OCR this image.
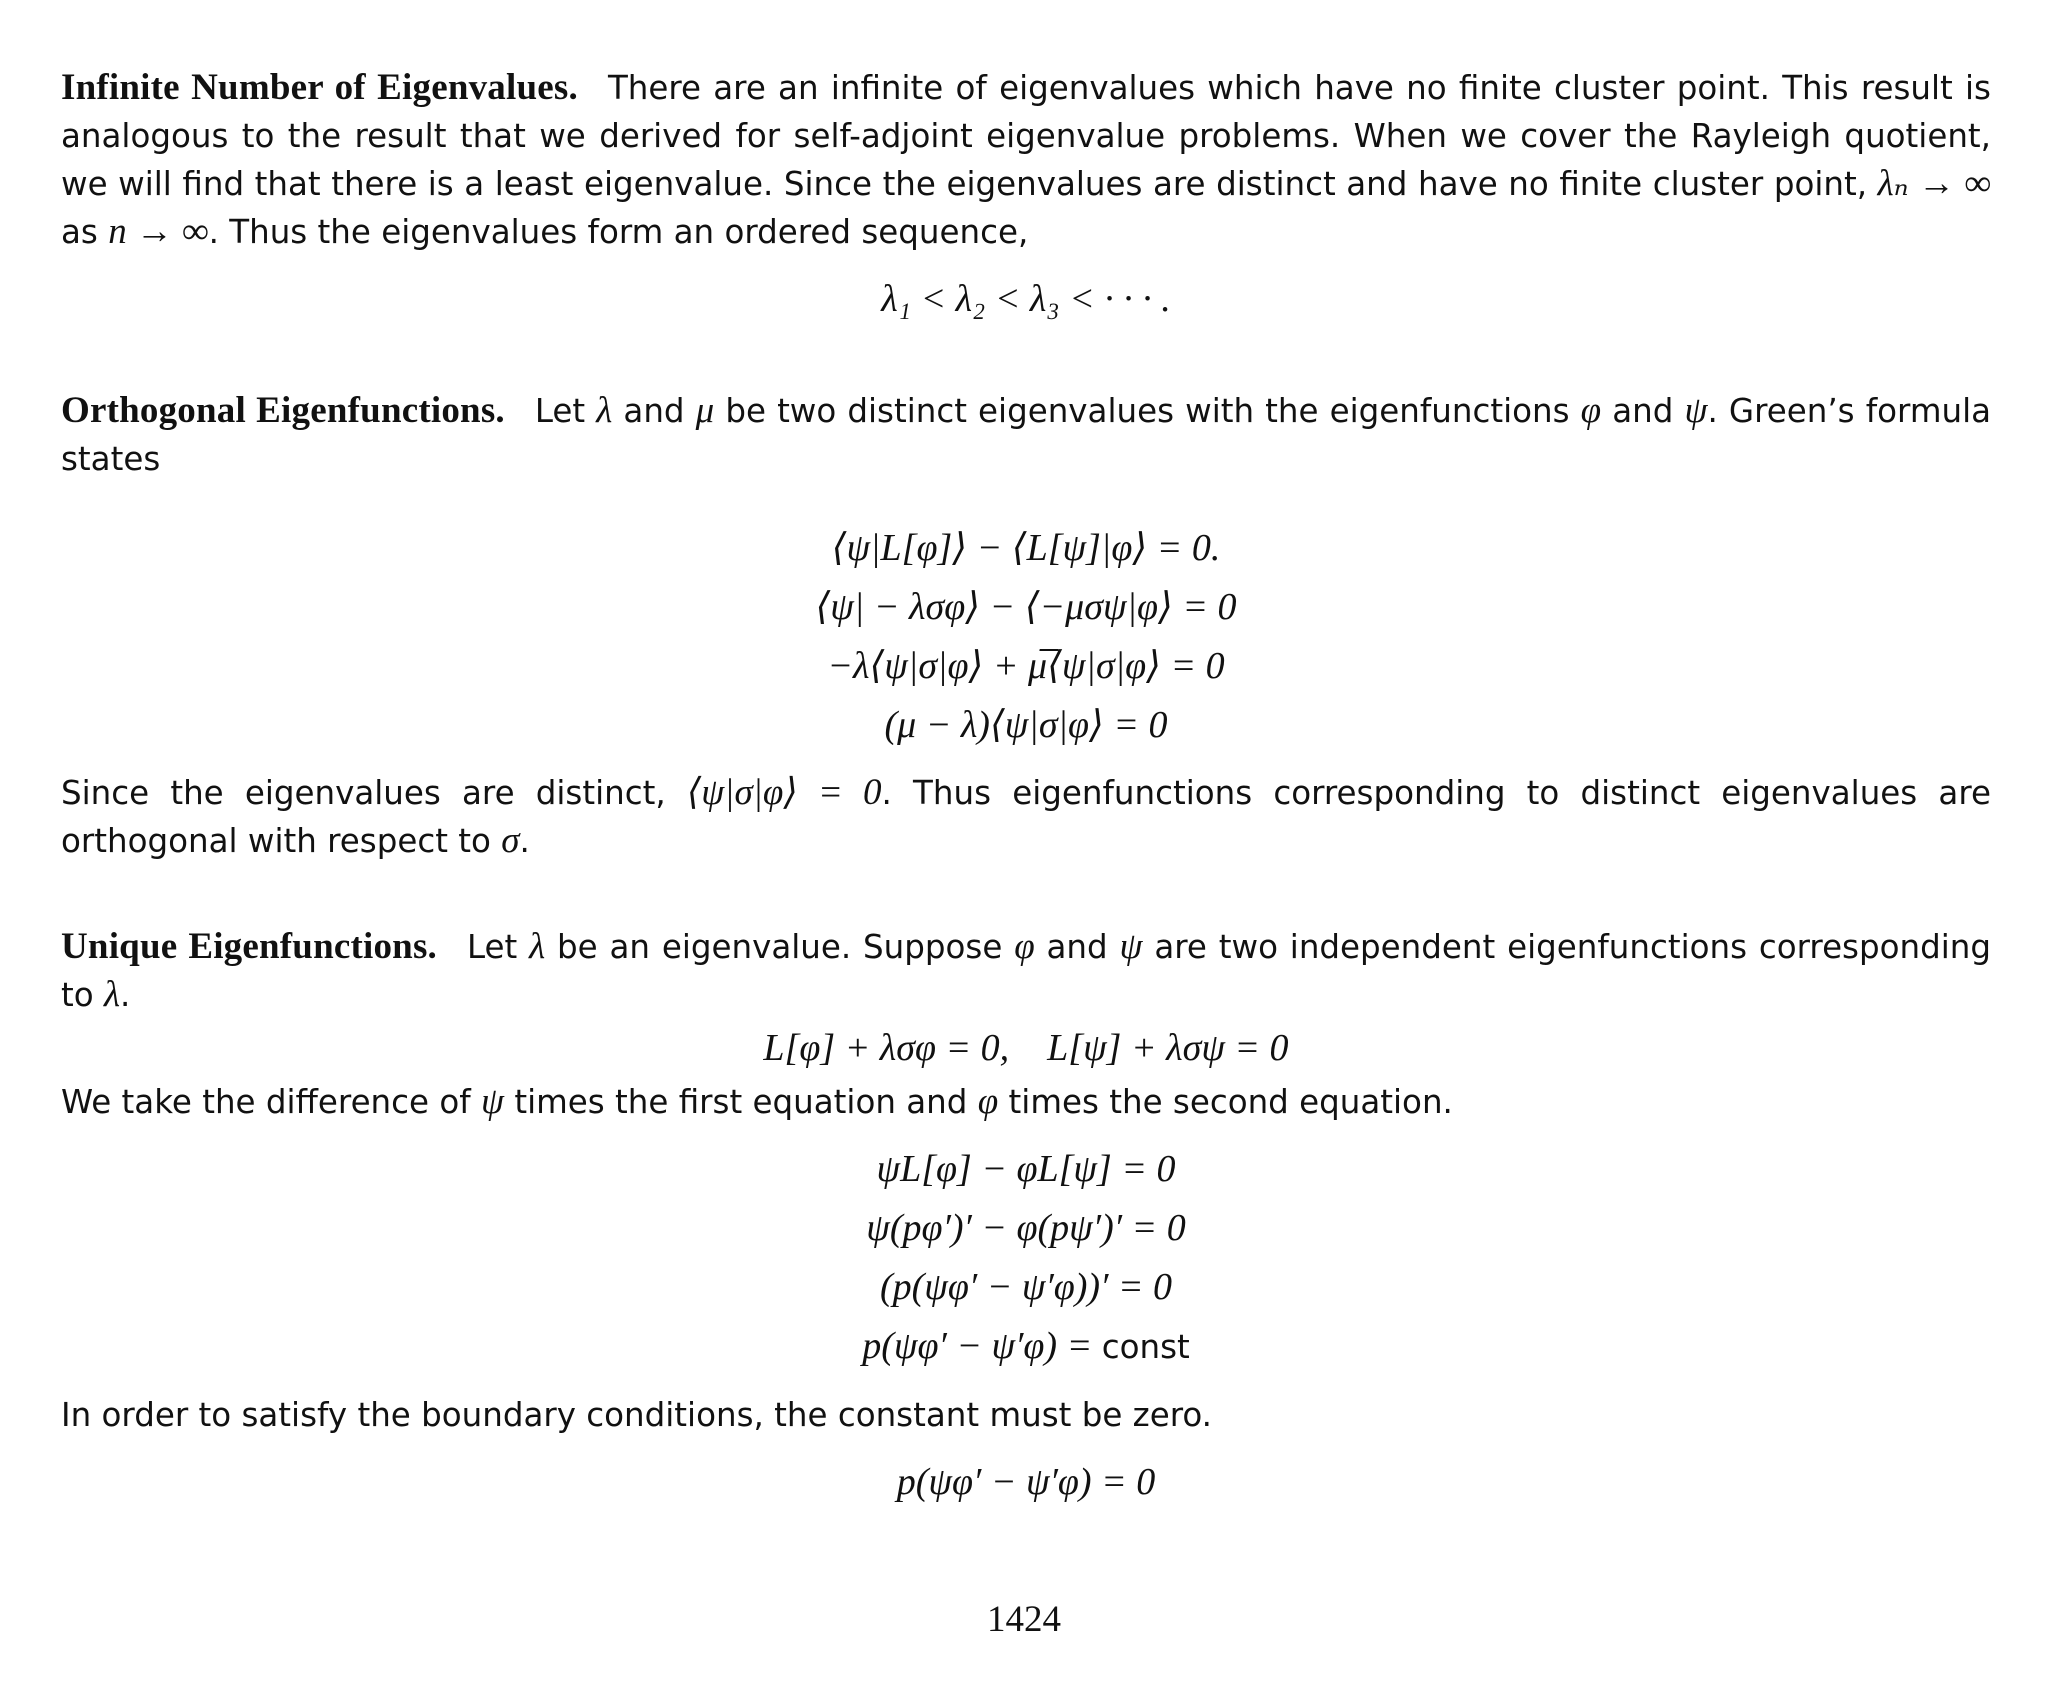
Infinite Number of Eigenvalues. There are an infinite of eigenvalues which have no finite cluster point. This result is analogous to the result that we derived for self-adjoint eigenvalue problems. When we cover the Rayleigh quotient, we will find that there is a least eigenvalue. Since the eigenvalues are distinct and have no finite cluster point, λₙ → ∞ as n → ∞. Thus the eigenvalues form an ordered sequence,

λ₁ < λ₂ < λ₃ < · · · .

Orthogonal Eigenfunctions. Let λ and μ be two distinct eigenvalues with the eigenfunctions φ and ψ. Green’s formula states

⟨ψ|L[φ]⟩ − ⟨L[ψ]|φ⟩ = 0.

⟨ψ| − λσφ⟩ − ⟨−μσψ|φ⟩ = 0

−λ⟨ψ|σ|φ⟩ + μ̅⟨ψ|σ|φ⟩ = 0

(μ − λ)⟨ψ|σ|φ⟩ = 0

Since the eigenvalues are distinct, ⟨ψ|σ|φ⟩ = 0. Thus eigenfunctions corresponding to distinct eigenvalues are orthogonal with respect to σ.

Unique Eigenfunctions. Let λ be an eigenvalue. Suppose φ and ψ are two independent eigenfunctions corresponding to λ.

L[φ] + λσφ = 0,    L[ψ] + λσψ = 0

We take the difference of ψ times the first equation and φ times the second equation.

ψL[φ] − φL[ψ] = 0

ψ(pφ′)′ − φ(pψ′)′ = 0

(p(ψφ′ − ψ′φ))′ = 0

p(ψφ′ − ψ′φ) = const

In order to satisfy the boundary conditions, the constant must be zero.

p(ψφ′ − ψ′φ) = 0

1424
